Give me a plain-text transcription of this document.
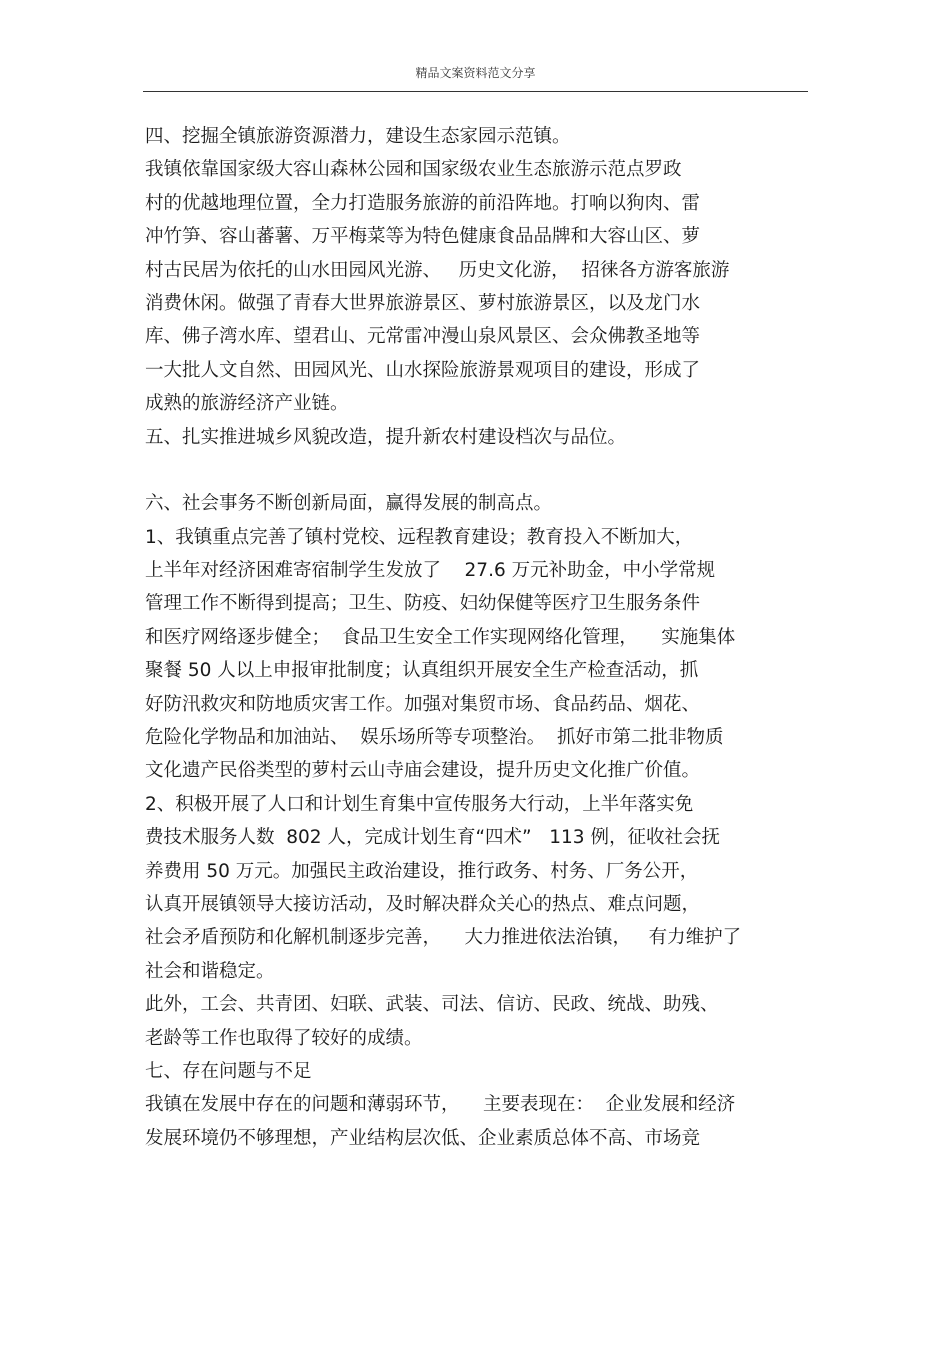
精品文案资料范文分享
四、挖掘全镇旅游资源潜力，建设生态家园示范镇。
我镇依靠国家级大容山森林公园和国家级农业生态旅游示范点罗政
村的优越地理位置，全力打造服务旅游的前沿阵地。打响以狗肉、雷
冲竹笋、容山蕃薯、万平梅菜等为特色健康食品品牌和大容山区、萝
村古民居为依托的山水田园风光游、   历史文化游，  招徕各方游客旅游
消费休闲。做强了青春大世界旅游景区、萝村旅游景区，以及龙门水
库、佛子湾水库、望君山、元常雷冲漫山泉风景区、会众佛教圣地等
一大批人文自然、田园风光、山水探险旅游景观项目的建设，形成了
成熟的旅游经济产业链。
五、扎实推进城乡风貌改造，提升新农村建设档次与品位。
六、社会事务不断创新局面，赢得发展的制高点。
1、我镇重点完善了镇村党校、远程教育建设；教育投入不断加大，
上半年对经济困难寄宿制学生发放了    27.6 万元补助金，中小学常规
管理工作不断得到提高；卫生、防疫、妇幼保健等医疗卫生服务条件
和医疗网络逐步健全；  食品卫生安全工作实现网络化管理，    实施集体
聚餐 50 人以上申报审批制度；认真组织开展安全生产检查活动，抓
好防汛救灾和防地质灾害工作。加强对集贸市场、食品药品、烟花、
危险化学物品和加油站、  娱乐场所等专项整治。  抓好市第二批非物质
文化遗产民俗类型的萝村云山寺庙会建设，提升历史文化推广价值。
2、积极开展了人口和计划生育集中宣传服务大行动，上半年落实免
费技术服务人数  802 人，完成计划生育“四术”   113 例，征收社会抚
养费用 50 万元。加强民主政治建设，推行政务、村务、厂务公开，
认真开展镇领导大接访活动，及时解决群众关心的热点、难点问题，
社会矛盾预防和化解机制逐步完善，    大力推进依法治镇，   有力维护了
社会和谐稳定。
此外，工会、共青团、妇联、武装、司法、信访、民政、统战、助残、
老龄等工作也取得了较好的成绩。
七、存在问题与不足
我镇在发展中存在的问题和薄弱环节，    主要表现在：  企业发展和经济
发展环境仍不够理想，产业结构层次低、企业素质总体不高、市场竞
